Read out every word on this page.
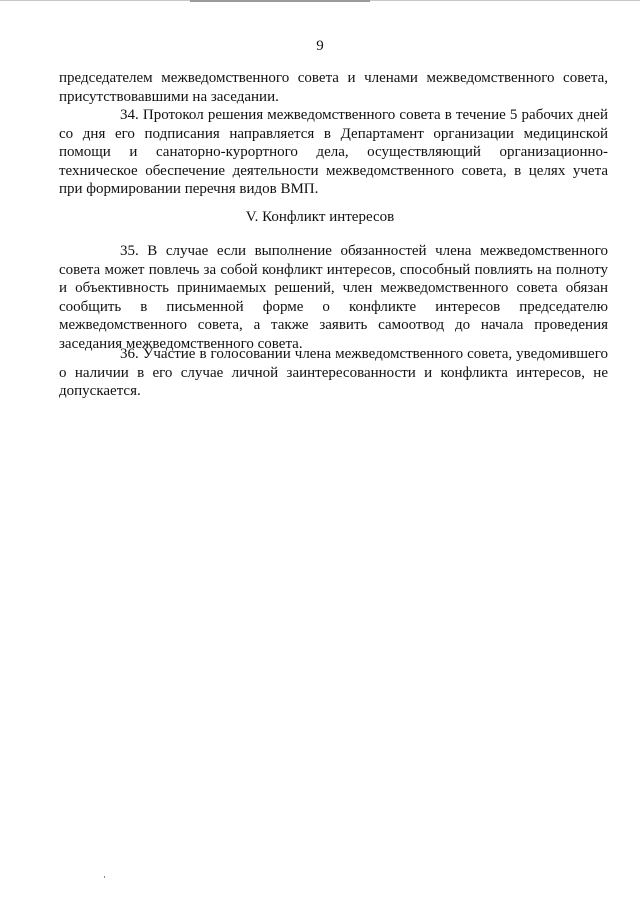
9

председателем межведомственного совета и членами межведомственного совета, присутствовавшими на заседании.

34. Протокол решения межведомственного совета в течение 5 рабочих дней со дня его подписания направляется в Департамент организации медицинской помощи и санаторно-курортного дела, осуществляющий организационно-техническое обеспечение деятельности межведомственного совета, в целях учета при формировании перечня видов ВМП.

V. Конфликт интересов

35. В случае если выполнение обязанностей члена межведомственного совета может повлечь за собой конфликт интересов, способный повлиять на полноту и объективность принимаемых решений, член межведомственного совета обязан сообщить в письменной форме о конфликте интересов председателю межведомственного совета, а также заявить самоотвод до начала проведения заседания межведомственного совета.

36. Участие в голосовании члена межведомственного совета, уведомившего о наличии в его случае личной заинтересованности и конфликта интересов, не допускается.
